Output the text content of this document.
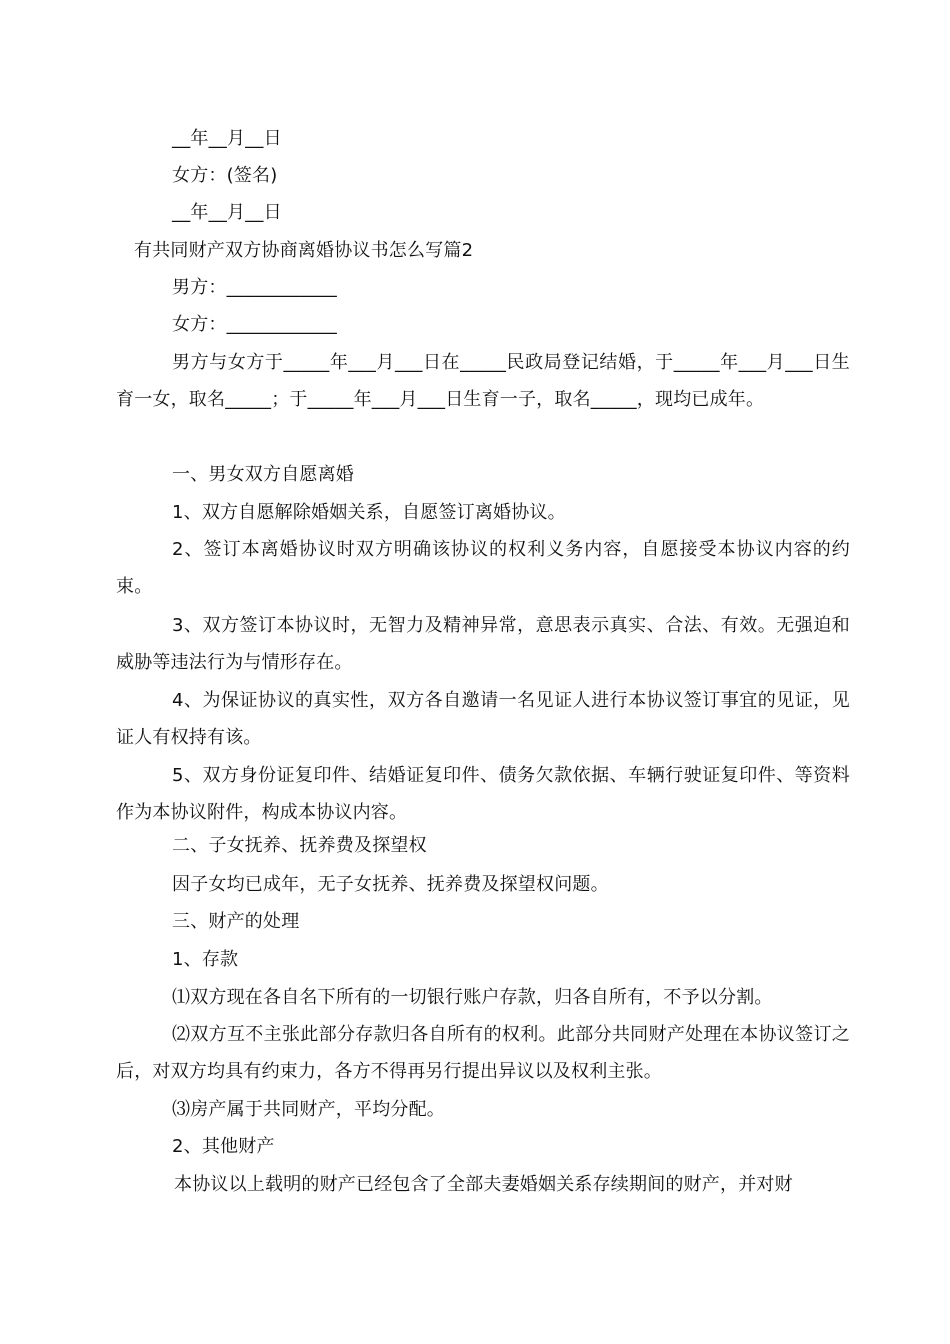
__年__月__日
女方：(签名)
__年__月__日
有共同财产双方协商离婚协议书怎么写篇2
男方：____________
女方：____________
男方与女方于_____年___月___日在_____民政局登记结婚，于_____年___月___日生育一女，取名_____；于_____年___月___日生育一子，取名_____，现均已成年。
一、男女双方自愿离婚
1、双方自愿解除婚姻关系，自愿签订离婚协议。
2、签订本离婚协议时双方明确该协议的权利义务内容，自愿接受本协议内容的约束。
3、双方签订本协议时，无智力及精神异常，意思表示真实、合法、有效。无强迫和威胁等违法行为与情形存在。
4、为保证协议的真实性，双方各自邀请一名见证人进行本协议签订事宜的见证，见证人有权持有该。
5、双方身份证复印件、结婚证复印件、债务欠款依据、车辆行驶证复印件、等资料作为本协议附件，构成本协议内容。
二、子女抚养、抚养费及探望权
因子女均已成年，无子女抚养、抚养费及探望权问题。
三、财产的处理
1、存款
⑴双方现在各自名下所有的一切银行账户存款，归各自所有，不予以分割。
⑵双方互不主张此部分存款归各自所有的权利。此部分共同财产处理在本协议签订之后，对双方均具有约束力，各方不得再另行提出异议以及权利主张。
⑶房产属于共同财产，平均分配。
2、其他财产
本协议以上载明的财产已经包含了全部夫妻婚姻关系存续期间的财产，并对财
